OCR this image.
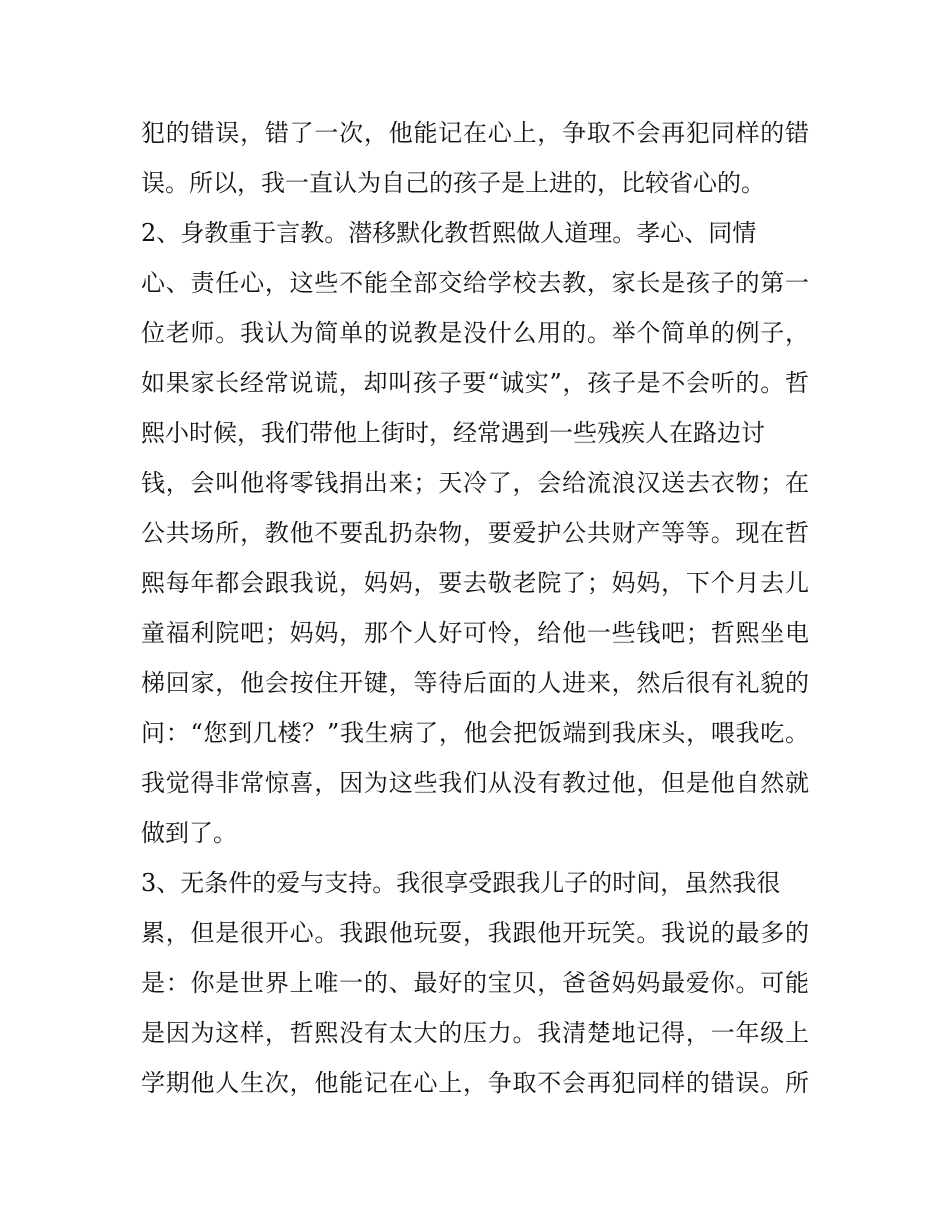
犯的错误，错了一次，他能记在心上，争取不会再犯同样的错
误。所以，我一直认为自己的孩子是上进的，比较省心的。
2、身教重于言教。潜移默化教哲熙做人道理。孝心、同情
心、责任心，这些不能全部交给学校去教，家长是孩子的第一
位老师。我认为简单的说教是没什么用的。举个简单的例子，
如果家长经常说谎，却叫孩子要“诚实”，孩子是不会听的。哲
熙小时候，我们带他上街时，经常遇到一些残疾人在路边讨
钱，会叫他将零钱捐出来；天冷了，会给流浪汉送去衣物；在
公共场所，教他不要乱扔杂物，要爱护公共财产等等。现在哲
熙每年都会跟我说，妈妈，要去敬老院了；妈妈，下个月去儿
童福利院吧；妈妈，那个人好可怜，给他一些钱吧；哲熙坐电
梯回家，他会按住开键，等待后面的人进来，然后很有礼貌的
问：“您到几楼？”我生病了，他会把饭端到我床头，喂我吃。
我觉得非常惊喜，因为这些我们从没有教过他，但是他自然就
做到了。
3、无条件的爱与支持。我很享受跟我儿子的时间，虽然我很
累，但是很开心。我跟他玩耍，我跟他开玩笑。我说的最多的
是：你是世界上唯一的、最好的宝贝，爸爸妈妈最爱你。可能
是因为这样，哲熙没有太大的压力。我清楚地记得，一年级上
学期他人生次，他能记在心上，争取不会再犯同样的错误。所
